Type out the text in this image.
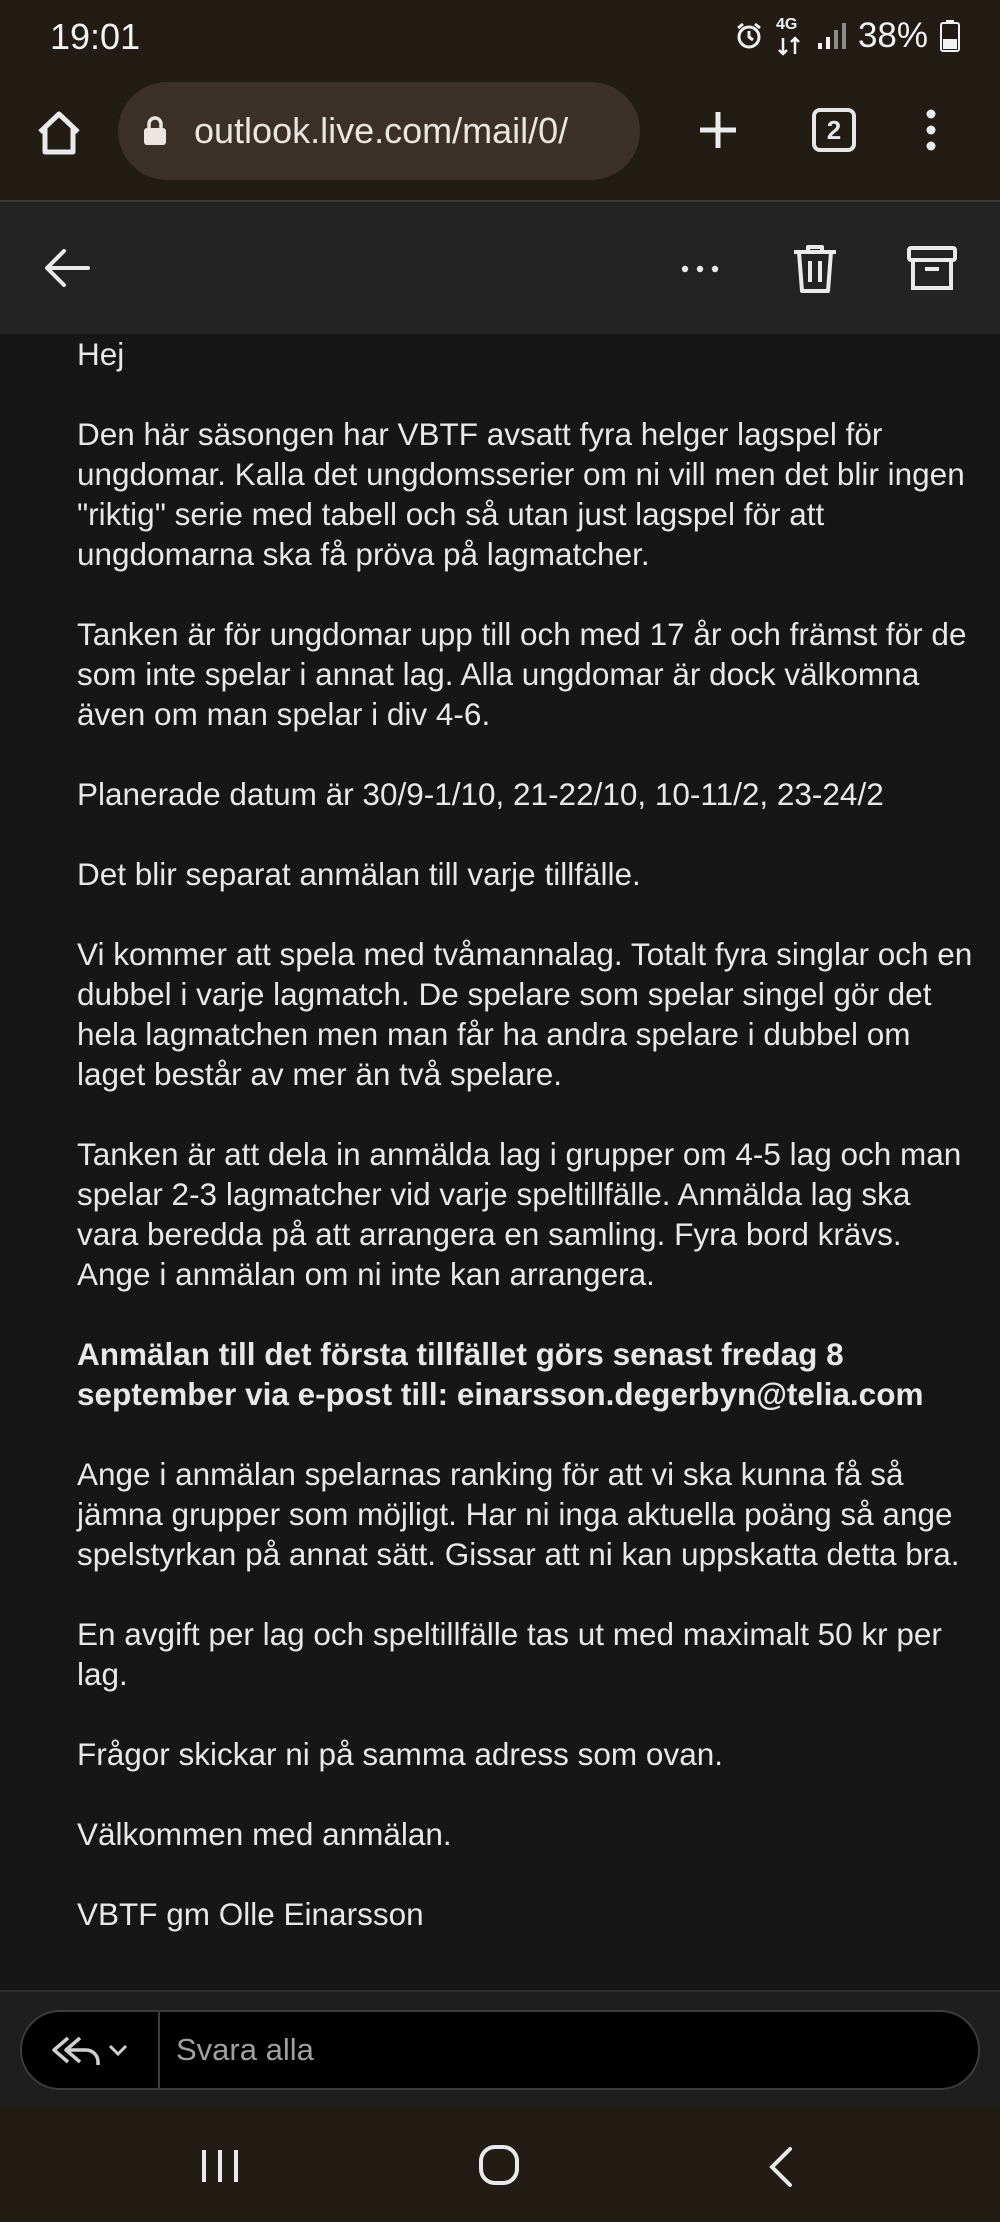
19:01	4G 38%
outlook.live.com/mail/0/	2

Hej

Den här säsongen har VBTF avsatt fyra helger lagspel för ungdomar. Kalla det ungdomsserier om ni vill men det blir ingen "riktig" serie med tabell och så utan just lagspel för att ungdomarna ska få pröva på lagmatcher.

Tanken är för ungdomar upp till och med 17 år och främst för de som inte spelar i annat lag. Alla ungdomar är dock välkomna även om man spelar i div 4-6.

Planerade datum är 30/9-1/10, 21-22/10, 10-11/2, 23-24/2

Det blir separat anmälan till varje tillfälle.

Vi kommer att spela med tvåmannalag. Totalt fyra singlar och en dubbel i varje lagmatch. De spelare som spelar singel gör det hela lagmatchen men man får ha andra spelare i dubbel om laget består av mer än två spelare.

Tanken är att dela in anmälda lag i grupper om 4-5 lag och man spelar 2-3 lagmatcher vid varje speltillfälle. Anmälda lag ska vara beredda på att arrangera en samling. Fyra bord krävs. Ange i anmälan om ni inte kan arrangera.

Anmälan till det första tillfället görs senast fredag 8 september via e-post till: einarsson.degerbyn@telia.com

Ange i anmälan spelarnas ranking för att vi ska kunna få så jämna grupper som möjligt. Har ni inga aktuella poäng så ange spelstyrkan på annat sätt. Gissar att ni kan uppskatta detta bra.

En avgift per lag och speltillfälle tas ut med maximalt 50 kr per lag.

Frågor skickar ni på samma adress som ovan.

Välkommen med anmälan.

VBTF gm Olle Einarsson

Svara alla
